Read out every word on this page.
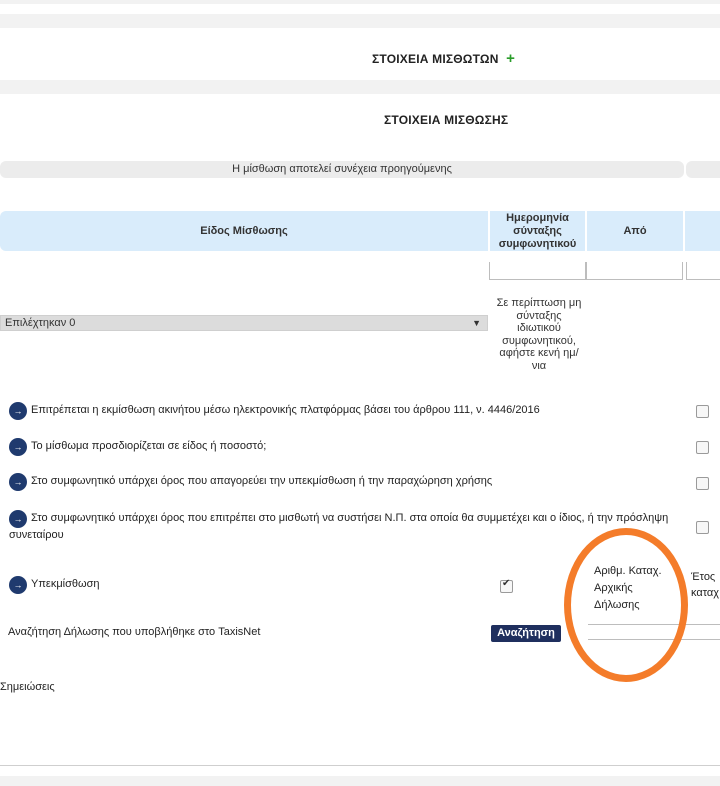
ΣΤΟΙΧΕΙΑ ΜΙΣΘΩΤΩΝ +
ΣΤΟΙΧΕΙΑ ΜΙΣΘΩΣΗΣ
Η μίσθωση αποτελεί συνέχεια προηγούμενης
Είδος Μίσθωσης
Ημερομηνία σύνταξης συμφωνητικού
Από
Επιλέχτηκαν 0	▼
Σε περίπτωση μη σύνταξης ιδιωτικού συμφωνητικού, αφήστε κενή ημ/νια
→ Επιτρέπεται η εκμίσθωση ακινήτου μέσω ηλεκτρονικής πλατφόρμας βάσει του άρθρου 111, ν. 4446/2016
→ Το μίσθωμα προσδιορίζεται σε είδος ή ποσοστό;
→ Στο συμφωνητικό υπάρχει όρος που απαγορεύει την υπεκμίσθωση ή την παραχώρηση χρήσης
→ Στο συμφωνητικό υπάρχει όρος που επιτρέπει στο μισθωτή να συστήσει Ν.Π. στα οποία θα συμμετέχει και ο ίδιος, ή την πρόσληψη συνεταίρου
→ Υπεκμίσθωση
✔
Αριθμ. Καταχ. Αρχικής Δήλωσης
Έτος καταχ
Αναζήτηση Δήλωσης που υποβλήθηκε στο TaxisNet	Αναζήτηση
Σημειώσεις
